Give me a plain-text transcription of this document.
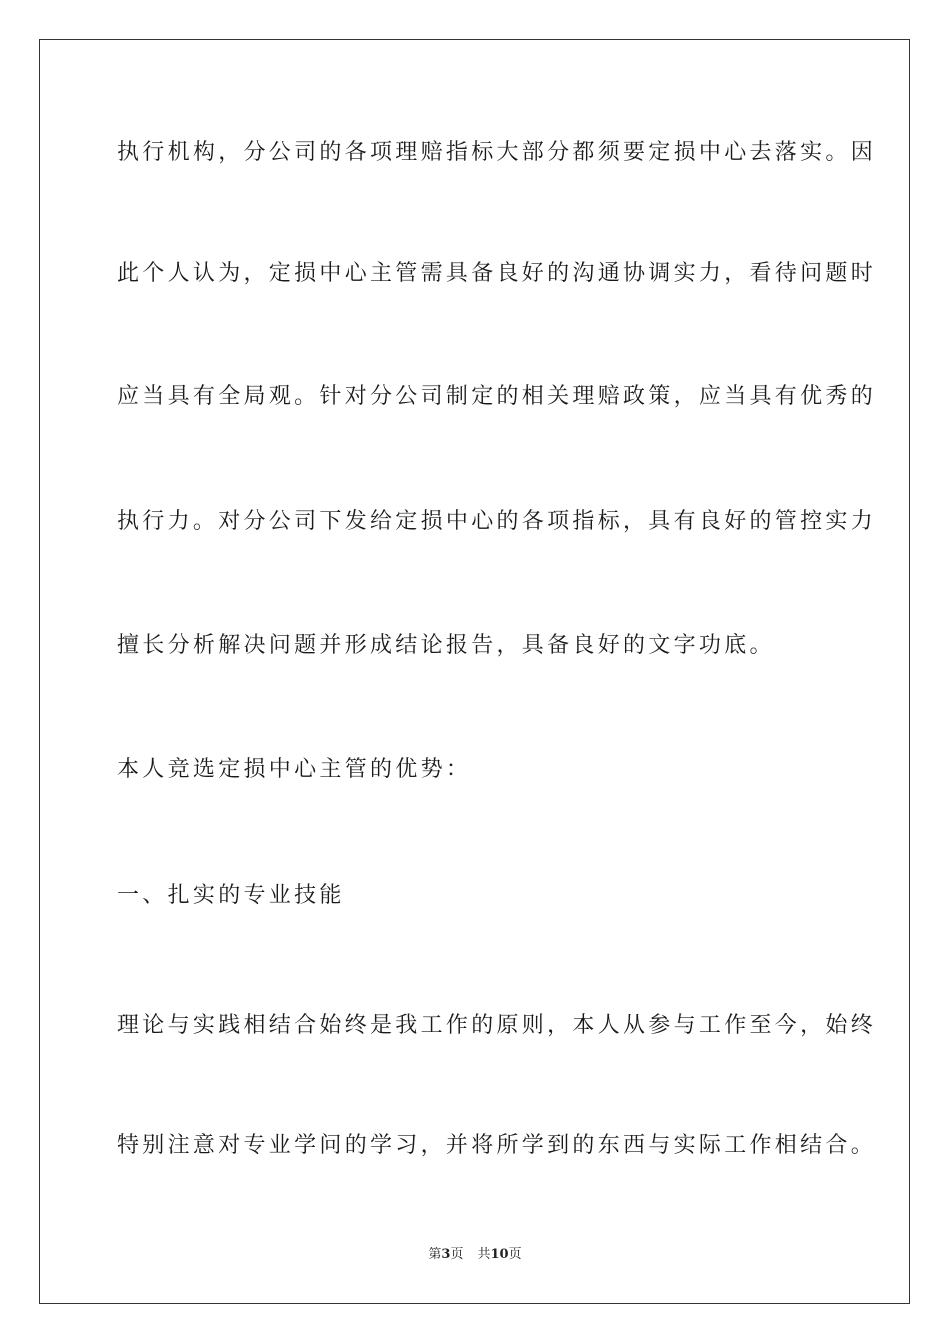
执行机构，分公司的各项理赔指标大部分都须要定损中心去落实。因
此个人认为，定损中心主管需具备良好的沟通协调实力，看待问题时
应当具有全局观。针对分公司制定的相关理赔政策，应当具有优秀的
执行力。对分公司下发给定损中心的各项指标，具有良好的管控实力
擅长分析解决问题并形成结论报告，具备良好的文字功底。
本人竞选定损中心主管的优势：
一、扎实的专业技能
理论与实践相结合始终是我工作的原则，本人从参与工作至今，始终
特别注意对专业学问的学习，并将所学到的东西与实际工作相结合。
第3页 共10页
